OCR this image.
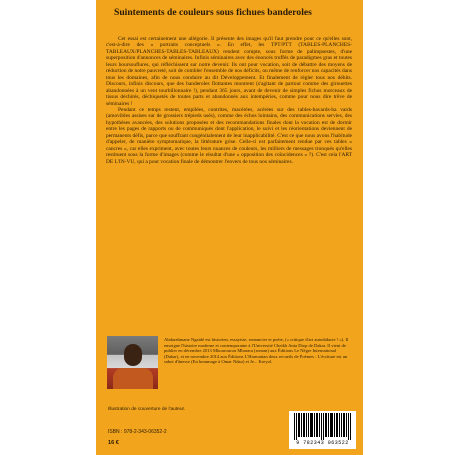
Suintements de couleurs sous fichues banderoles

Cet essai est certainement une allégorie. Il présente des images qu'il faut prendre pour ce qu'elles sont, c'est-à-dire des « portraits conceptuels ». En effet, les TPT/PTT (TABLES-PLANCHES-TABLEAUX/PLANCHES-TABLES-TABLEAUX) rendent compte, sous forme de palimpsestes, d'une superposition d'annonces de séminaires. Infinis séminaires avec des énoncés truffés de paradigmes gras et toutes leurs boursouflures, qui réfléchissent sur notre devenir. Ils ont pour vocation, soit de débattre des moyens de réduction de notre pauvreté, soit de combler l'ensemble de nos déficits, ou même de renforcer nos capacités dans tous les domaines, afin de nous conduire au dit Développement. Et finalement de régler tous nos débits. Discours, infinis discours, que des banderoles flottantes montrent (s'agitant de partout comme des girouettes abandonnées à un vent tourbillonnaire !), pendant 365 jours, avant de devenir de simples fichus morceaux de tissus déchirés, déchiquetés de toutes parts et abandonnés aux intempéries, comme pour nous dire trêve de séminaires !

Pendant ce temps restent, empilées, contrites, macérées, acérées sur des tables-bavards-ba vards (amovibles assises sur de grossiers trépieds usés), comme des échos lointains, des communications servies, des hypothèses avancées, des solutions proposées et des recommandations finales dont la vocation est de dormir entre les pages de rapports ou de communiqués dont l'application, le suivi et les réorientations deviennent de permanents défis, parce que souffrant congénitalement de leur inapplicabilité. C'est ce que nous avons l'habitude d'appeler, de manière symptomatique, la littérature grise. Celle-ci est parfaitement rendue par ces tables « cancres », car elles expriment, avec toutes leurs nuances de couleurs, les milliers de messages tronqués qu'elles restituent sous la forme d'images (comme le résultat d'une « opposition des coïncidences » ?). C'est cela l'ART DE L'IN-VU, qui a pour vocation finale de démontrer l'envers de tous nos séminaires.

Abdarahmane Ngaïdé est historien, essayiste, romancier et poète, (« critique d'art autodidacte ! »). Il enseigne l'histoire moderne et contemporaine à l'Université Cheikh Anta Diop de Dakar. Il vient de publier en décembre 2013 Mbourourou Mbarara (roman) aux Éditions Le Nègre International (Dakar), et en novembre 2014 aux Éditions L'Harmattan deux recueils de Poèmes : L'écriture est un sabot d'ânesse (En hommage à Omar Ndao) et Je... Kreyol.
Illustration de couverture de l'auteur.
ISBN : 978-2-343-06352-2
16 €	9 782343 063522
